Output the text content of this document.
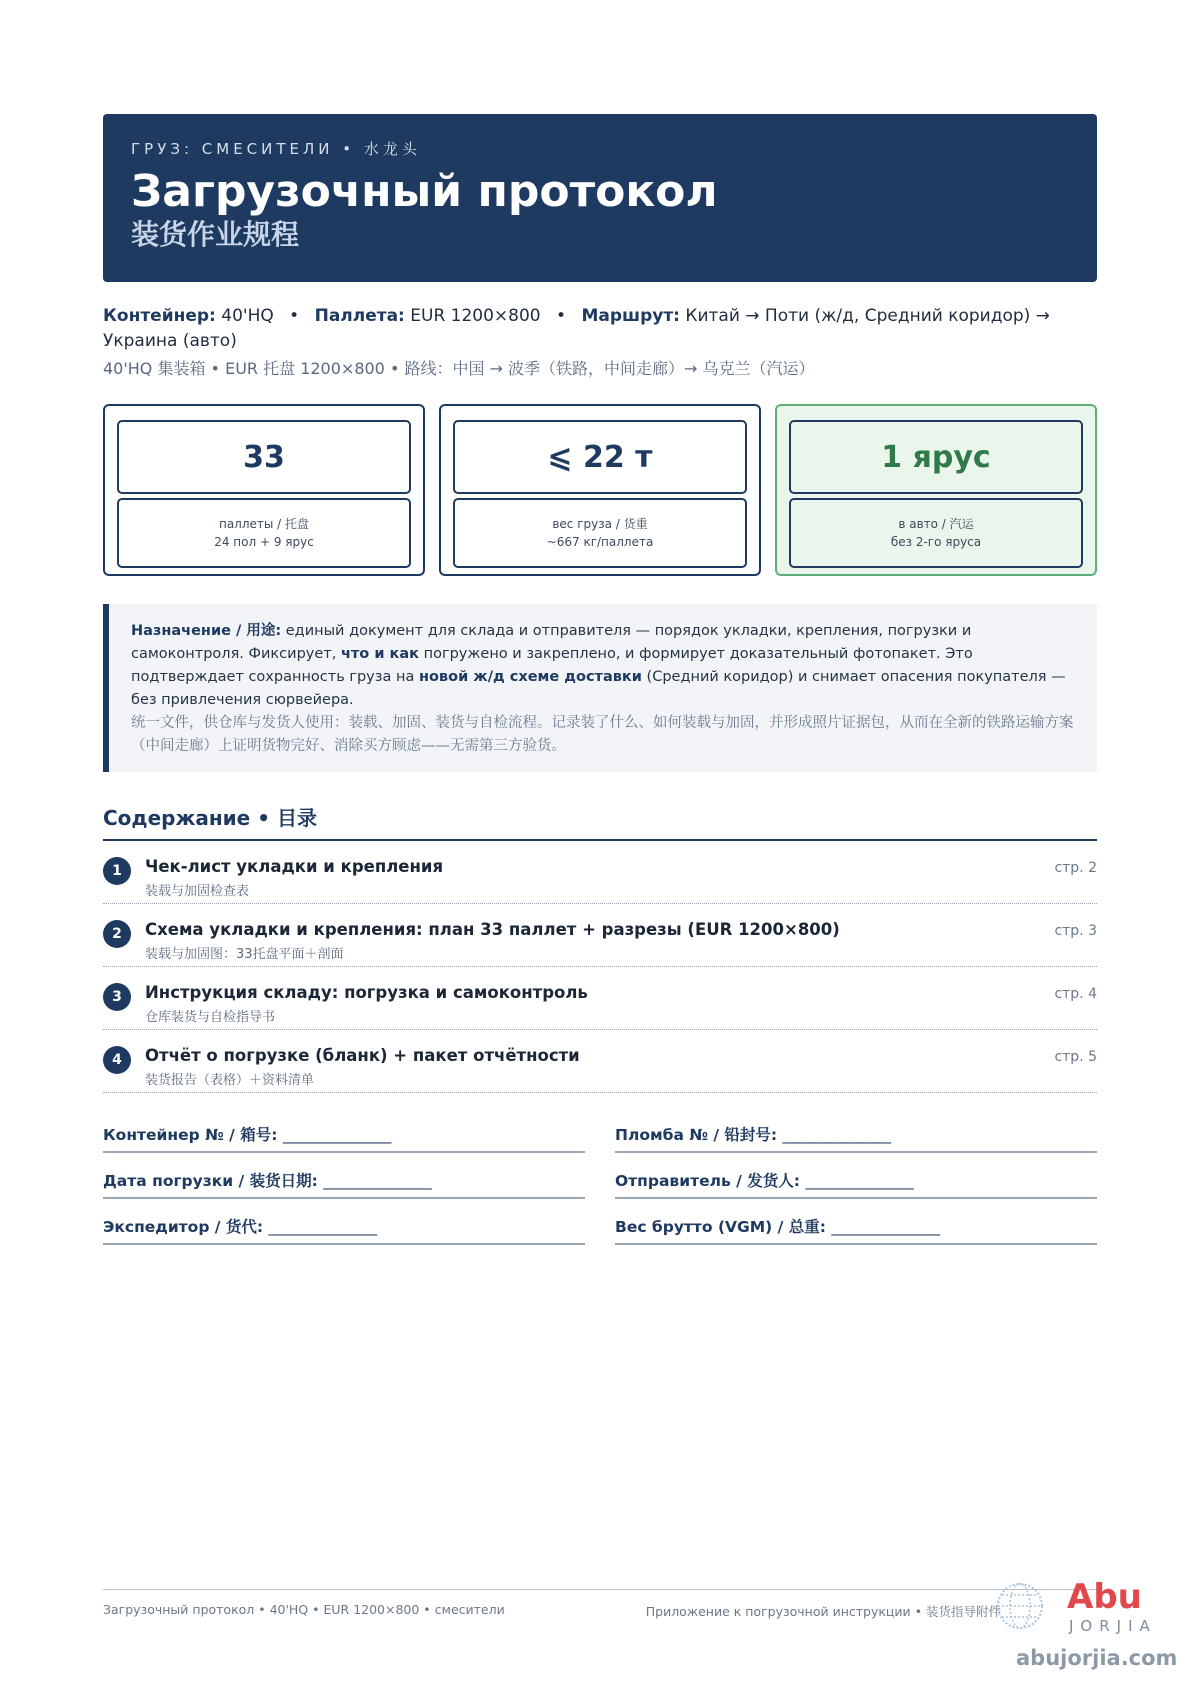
ГРУЗ: СМЕСИТЕЛИ • 水龙头
Загрузочный протокол
装货作业规程
Контейнер: 40'HQ • Паллета: EUR 1200×800 • Маршрут: Китай → Поти (ж/д, Средний коридор) → Украина (авто)
40'HQ 集装箱 • EUR 托盘 1200×800 • 路线：中国 → 波季（铁路，中间走廊）→ 乌克兰（汽运）
33
паллеты / 托盘
24 пол + 9 ярус
⩽ 22 т
вес груза / 货重
~667 кг/паллета
1 ярус
в авто / 汽运
без 2-го яруса
Назначение / 用途: единый документ для склада и отправителя — порядок укладки, крепления, погрузки и самоконтроля. Фиксирует, что и как погружено и закреплено, и формирует доказательный фотопакет. Это подтверждает сохранность груза на новой ж/д схеме доставки (Средний коридор) и снимает опасения покупателя — без привлечения сюрвейера.
统一文件，供仓库与发货人使用：装载、加固、装货与自检流程。记录装了什么、如何装载与加固，并形成照片证据包，从而在全新的铁路运输方案（中间走廊）上证明货物完好、消除买方顾虑——无需第三方验货。
Содержание • 目录
1	Чек-лист укладки и крепления
装载与加固检查表
стр. 2
2	Схема укладки и крепления: план 33 паллет + разрезы (EUR 1200×800)
装载与加固图：33托盘平面＋剖面
стр. 3
3	Инструкция складу: погрузка и самоконтроль
仓库装货与自检指导书
стр. 4
4	Отчёт о погрузке (бланк) + пакет отчётности
装货报告（表格）＋资料清单
стр. 5
Контейнер № / 箱号: ______________	Пломба № / 铅封号: ______________
Дата погрузки / 装货日期: ______________	Отправитель / 发货人: ______________
Экспедитор / 货代: ______________	Вес брутто (VGM) / 总重: ______________
Загрузочный протокол • 40'HQ • EUR 1200×800 • смесители	Приложение к погрузочной инструкции • 装货指导附件 Abu
JORJIA
abujorjia.com
